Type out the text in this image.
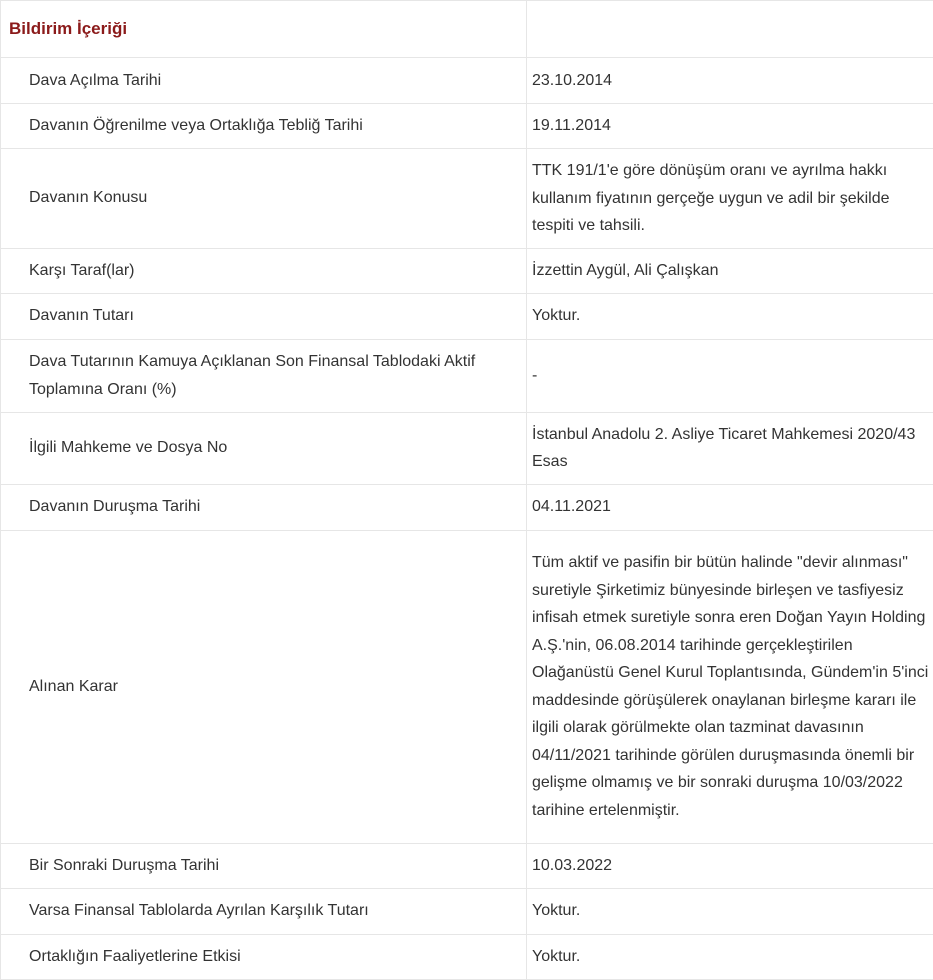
Bildirim İçeriği	
Dava Açılma Tarihi	23.10.2014
Davanın Öğrenilme veya Ortaklığa Tebliğ Tarihi	19.11.2014
Davanın Konusu	TTK 191/1'e göre dönüşüm oranı ve ayrılma hakkı kullanım fiyatının gerçeğe uygun ve adil bir şekilde tespiti ve tahsili.
Karşı Taraf(lar)	İzzettin Aygül, Ali Çalışkan
Davanın Tutarı	Yoktur.
Dava Tutarının Kamuya Açıklanan Son Finansal Tablodaki Aktif Toplamına Oranı (%)	-
İlgili Mahkeme ve Dosya No	İstanbul Anadolu 2. Asliye Ticaret Mahkemesi 2020/43 Esas
Davanın Duruşma Tarihi	04.11.2021
Alınan Karar	Tüm aktif ve pasifin bir bütün halinde "devir alınması" suretiyle Şirketimiz bünyesinde birleşen ve tasfiyesiz infisah etmek suretiyle sonra eren Doğan Yayın Holding A.Ş.'nin, 06.08.2014 tarihinde gerçekleştirilen Olağanüstü Genel Kurul Toplantısında, Gündem'in 5'inci maddesinde görüşülerek onaylanan birleşme kararı ile ilgili olarak görülmekte olan tazminat davasının 04/11/2021 tarihinde görülen duruşmasında önemli bir gelişme olmamış ve bir sonraki duruşma 10/03/2022 tarihine ertelenmiştir.
Bir Sonraki Duruşma Tarihi	10.03.2022
Varsa Finansal Tablolarda Ayrılan Karşılık Tutarı	Yoktur.
Ortaklığın Faaliyetlerine Etkisi	Yoktur.
